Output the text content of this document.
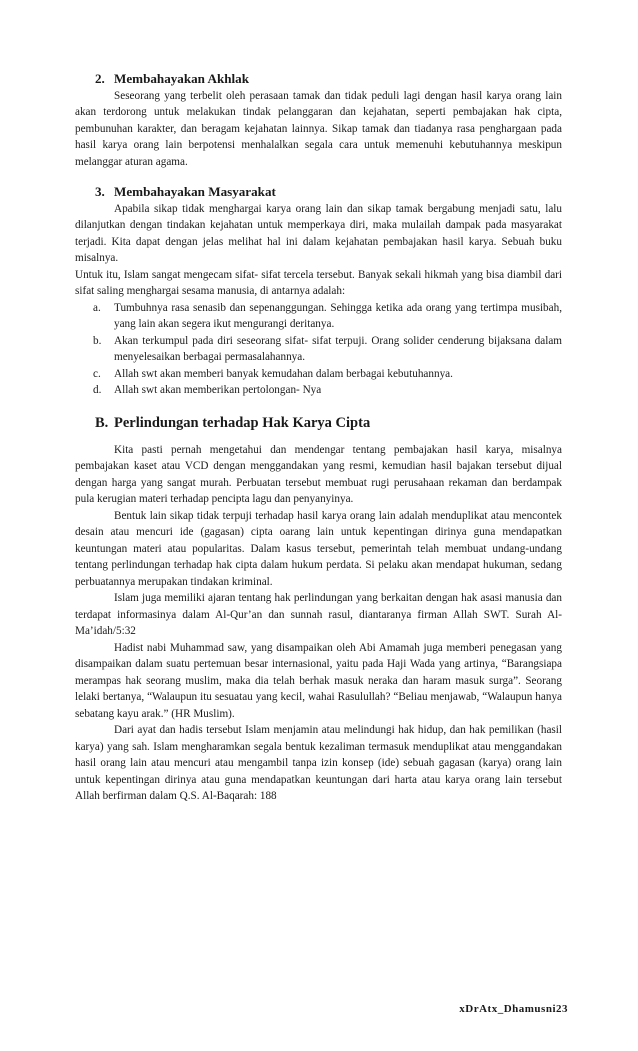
2. Membahayakan Akhlak

Seseorang yang terbelit oleh perasaan tamak dan tidak peduli lagi dengan hasil karya orang lain akan terdorong untuk melakukan tindak pelanggaran dan kejahatan, seperti pembajakan hak cipta, pembunuhan karakter, dan beragam kejahatan lainnya. Sikap tamak dan tiadanya rasa penghargaan pada hasil karya orang lain berpotensi menhalalkan segala cara untuk memenuhi kebutuhannya meskipun melanggar aturan agama.

3. Membahayakan Masyarakat

Apabila sikap tidak menghargai karya orang lain dan sikap tamak bergabung menjadi satu, lalu dilanjutkan dengan tindakan kejahatan untuk memperkaya diri, maka mulailah dampak pada masyarakat terjadi. Kita dapat dengan jelas melihat hal ini dalam kejahatan pembajakan hasil karya. Sebuah buku misalnya.

Untuk itu, Islam sangat mengecam sifat- sifat tercela tersebut. Banyak sekali hikmah yang bisa diambil dari sifat saling menghargai sesama manusia, di antarnya adalah:

a. Tumbuhnya rasa senasib dan sepenanggungan. Sehingga ketika ada orang yang tertimpa musibah, yang lain akan segera ikut mengurangi deritanya.
b. Akan terkumpul pada diri seseorang sifat- sifat terpuji. Orang solider cenderung bijaksana dalam menyelesaikan berbagai permasalahannya.
c. Allah swt akan memberi banyak kemudahan dalam berbagai kebutuhannya.
d. Allah swt akan memberikan pertolongan- Nya
B. Perlindungan terhadap Hak Karya Cipta

Kita pasti pernah mengetahui dan mendengar tentang pembajakan hasil karya, misalnya pembajakan kaset atau VCD dengan menggandakan yang resmi, kemudian hasil bajakan tersebut dijual dengan harga yang sangat murah. Perbuatan tersebut membuat rugi perusahaan rekaman dan berdampak pula kerugian materi terhadap pencipta lagu dan penyanyinya.

Bentuk lain sikap tidak terpuji terhadap hasil karya orang lain adalah menduplikat atau mencontek desain atau mencuri ide (gagasan) cipta oarang lain untuk kepentingan dirinya guna mendapatkan keuntungan materi atau popularitas. Dalam kasus tersebut, pemerintah telah membuat undang-undang tentang perlindungan terhadap hak cipta dalam hukum perdata. Si pelaku akan mendapat hukuman, sedang perbuatannya merupakan tindakan kriminal.

Islam juga memiliki ajaran tentang hak perlindungan yang berkaitan dengan hak asasi manusia dan terdapat informasinya dalam Al-Qur’an dan sunnah rasul, diantaranya firman Allah SWT. Surah Al-Ma’idah/5:32

Hadist nabi Muhammad saw, yang disampaikan oleh Abi Amamah juga memberi penegasan yang disampaikan dalam suatu pertemuan besar internasional, yaitu pada Haji Wada yang artinya, “Barangsiapa merampas hak seorang muslim, maka dia telah berhak masuk neraka dan haram masuk surga”. Seorang lelaki bertanya, “Walaupun itu sesuatau yang kecil, wahai Rasulullah? “Beliau menjawab, “Walaupun hanya sebatang kayu arak.” (HR Muslim).

Dari ayat dan hadis tersebut Islam menjamin atau melindungi hak hidup, dan hak pemilikan (hasil karya) yang sah. Islam mengharamkan segala bentuk kezaliman termasuk menduplikat atau menggandakan hasil orang lain atau mencuri atau mengambil tanpa izin konsep (ide) sebuah gagasan (karya) orang lain untuk kepentingan dirinya atau guna mendapatkan keuntungan dari harta atau karya orang lain tersebut Allah berfirman dalam Q.S. Al-Baqarah: 188

xDrAtx_Dhamusni23
